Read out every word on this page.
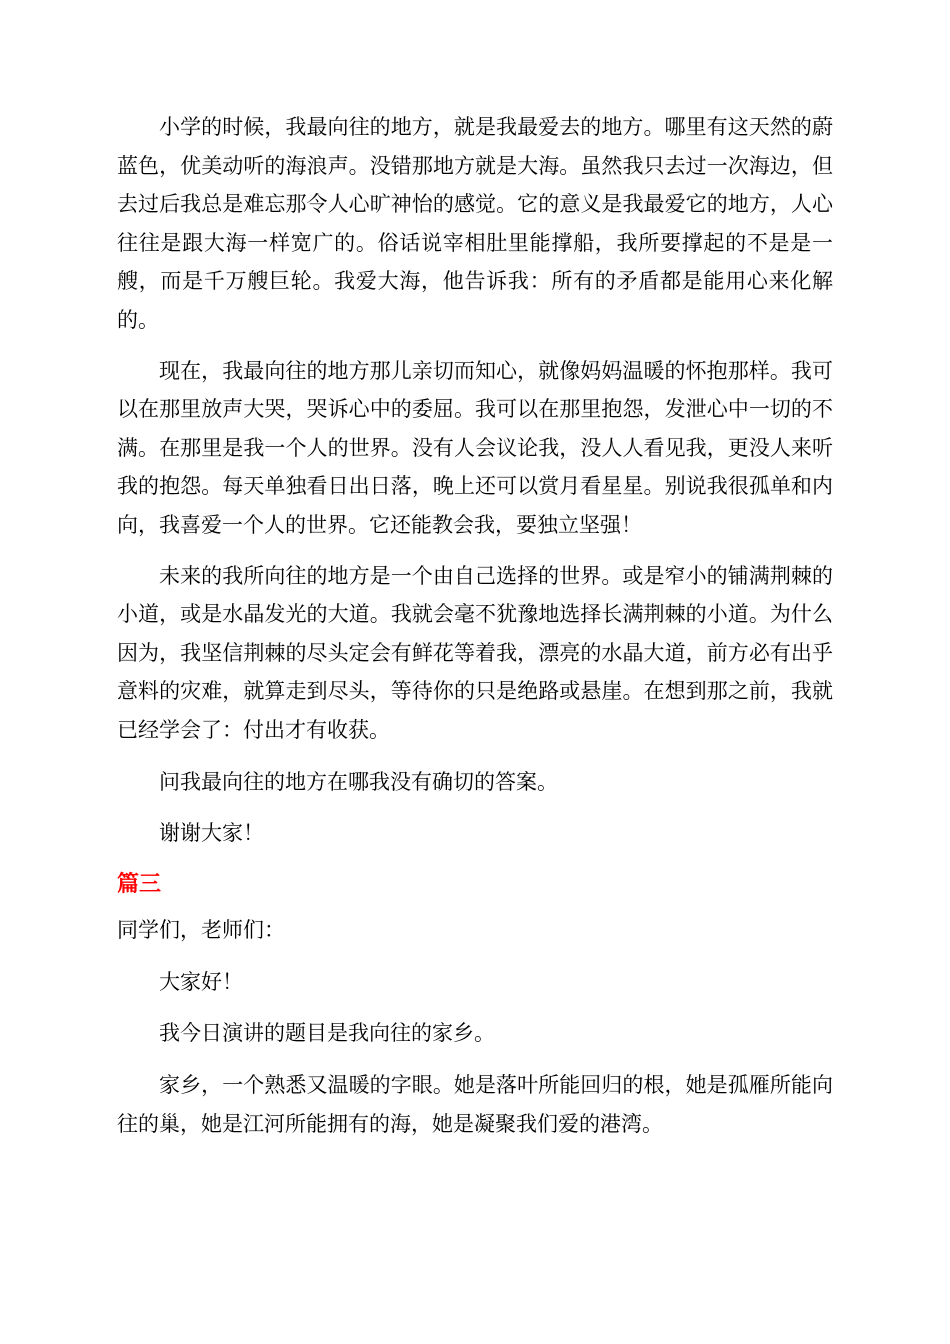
小学的时候，我最向往的地方，就是我最爱去的地方。哪里有这天然的蔚蓝色，优美动听的海浪声。没错那地方就是大海。虽然我只去过一次海边，但去过后我总是难忘那令人心旷神怡的感觉。它的意义是我最爱它的地方，人心往往是跟大海一样宽广的。俗话说宰相肚里能撑船，我所要撑起的不是是一艘，而是千万艘巨轮。我爱大海，他告诉我：所有的矛盾都是能用心来化解的。

现在，我最向往的地方那儿亲切而知心，就像妈妈温暖的怀抱那样。我可以在那里放声大哭，哭诉心中的委屈。我可以在那里抱怨，发泄心中一切的不满。在那里是我一个人的世界。没有人会议论我，没人人看见我，更没人来听我的抱怨。每天单独看日出日落，晚上还可以赏月看星星。别说我很孤单和内向，我喜爱一个人的世界。它还能教会我，要独立坚强！

未来的我所向往的地方是一个由自己选择的世界。或是窄小的铺满荆棘的小道，或是水晶发光的大道。我就会毫不犹豫地选择长满荆棘的小道。为什么因为，我坚信荆棘的尽头定会有鲜花等着我，漂亮的水晶大道，前方必有出乎意料的灾难，就算走到尽头，等待你的只是绝路或悬崖。在想到那之前，我就已经学会了：付出才有收获。

问我最向往的地方在哪我没有确切的答案。

谢谢大家！

篇三

同学们，老师们：

大家好！

我今日演讲的题目是我向往的家乡。

家乡，一个熟悉又温暖的字眼。她是落叶所能回归的根，她是孤雁所能向往的巢，她是江河所能拥有的海，她是凝聚我们爱的港湾。
